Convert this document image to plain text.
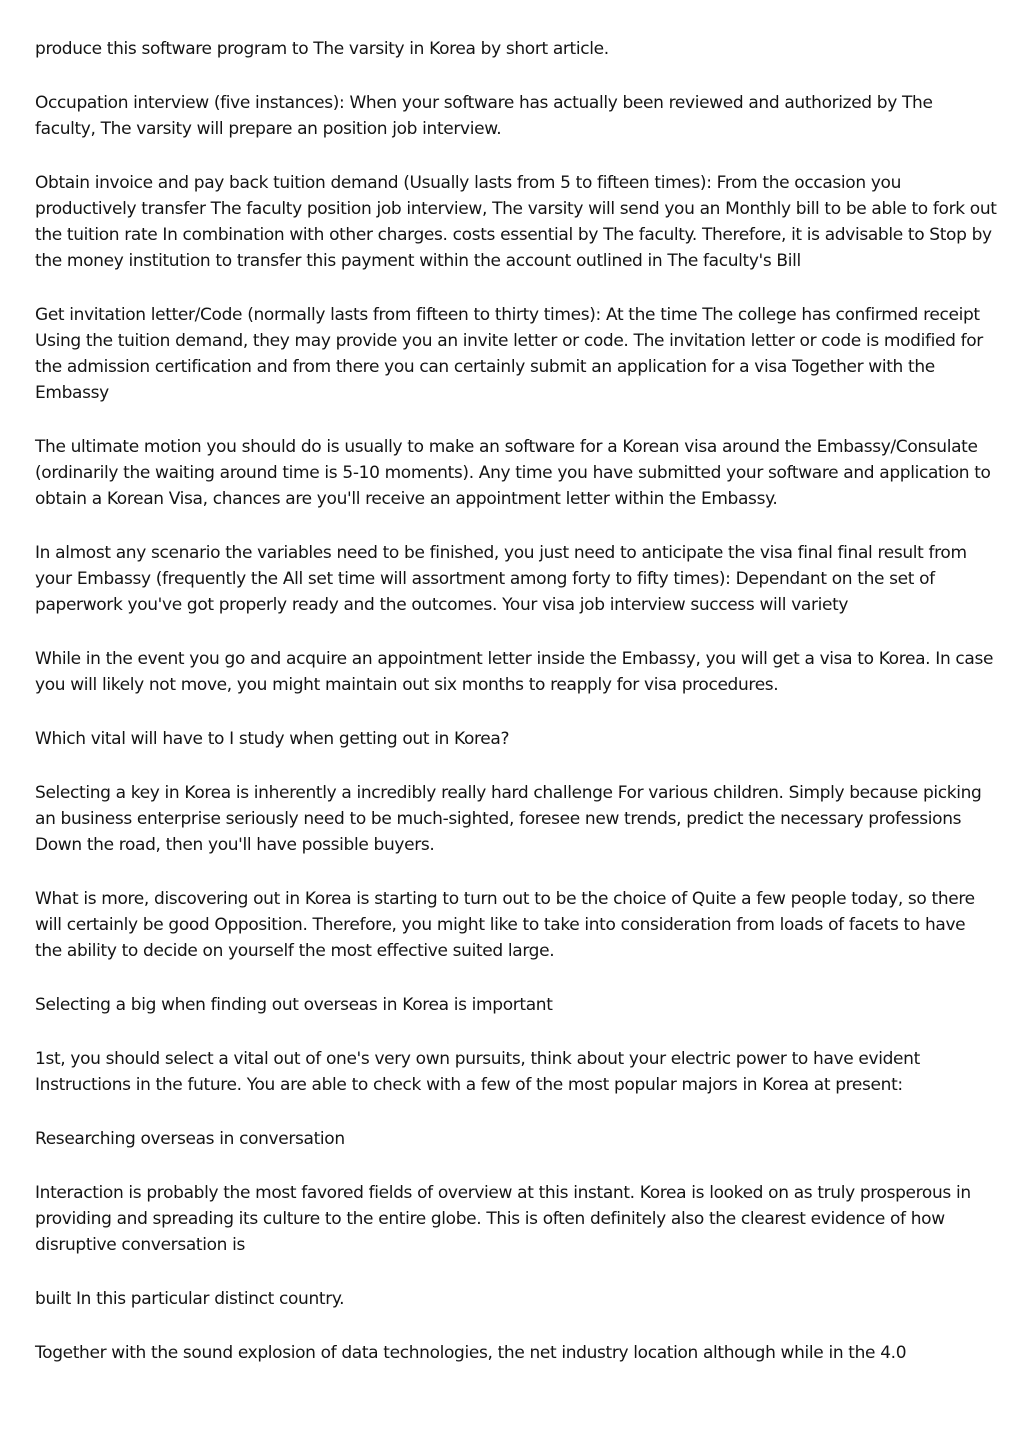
produce this software program to The varsity in Korea by short article.

Occupation interview (five instances): When your software has actually been reviewed and authorized by The faculty, The varsity will prepare an position job interview.

Obtain invoice and pay back tuition demand (Usually lasts from 5 to fifteen times): From the occasion you productively transfer The faculty position job interview, The varsity will send you an Monthly bill to be able to fork out the tuition rate In combination with other charges. costs essential by The faculty. Therefore, it is advisable to Stop by the money institution to transfer this payment within the account outlined in The faculty's Bill

Get invitation letter/Code (normally lasts from fifteen to thirty times): At the time The college has confirmed receipt Using the tuition demand, they may provide you an invite letter or code. The invitation letter or code is modified for the admission certification and from there you can certainly submit an application for a visa Together with the Embassy

The ultimate motion you should do is usually to make an software for a Korean visa around the Embassy/Consulate (ordinarily the waiting around time is 5-10 moments). Any time you have submitted your software and application to obtain a Korean Visa, chances are you'll receive an appointment letter within the Embassy.

In almost any scenario the variables need to be finished, you just need to anticipate the visa final final result from your Embassy (frequently the All set time will assortment among forty to fifty times): Dependant on the set of paperwork you've got properly ready and the outcomes. Your visa job interview success will variety

While in the event you go and acquire an appointment letter inside the Embassy, you will get a visa to Korea. In case you will likely not move, you might maintain out six months to reapply for visa procedures.

Which vital will have to I study when getting out in Korea?

Selecting a key in Korea is inherently a incredibly really hard challenge For various children. Simply because picking an business enterprise seriously need to be much-sighted, foresee new trends, predict the necessary professions Down the road, then you'll have possible buyers.

What is more, discovering out in Korea is starting to turn out to be the choice of Quite a few people today, so there will certainly be good Opposition. Therefore, you might like to take into consideration from loads of facets to have the ability to decide on yourself the most effective suited large.

Selecting a big when finding out overseas in Korea is important

1st, you should select a vital out of one's very own pursuits, think about your electric power to have evident Instructions in the future. You are able to check with a few of the most popular majors in Korea at present:

Researching overseas in conversation

Interaction is probably the most favored fields of overview at this instant. Korea is looked on as truly prosperous in providing and spreading its culture to the entire globe. This is often definitely also the clearest evidence of how disruptive conversation is

built In this particular distinct country.

Together with the sound explosion of data technologies, the net industry location although while in the 4.0
